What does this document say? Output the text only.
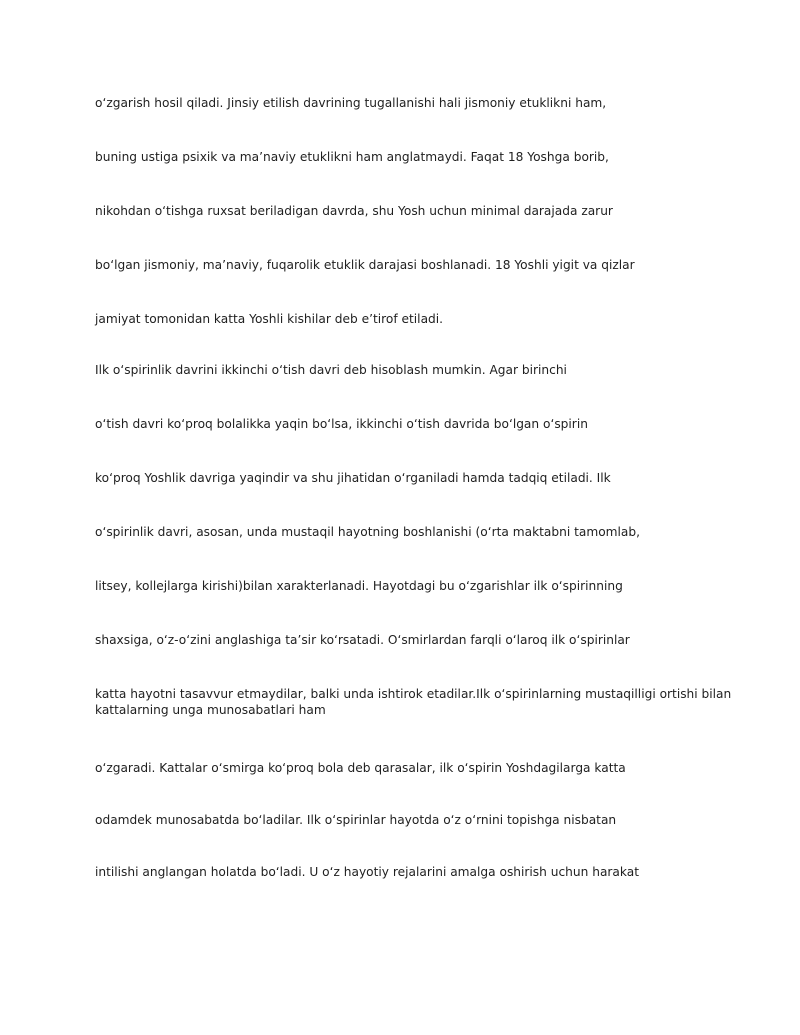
o‘zgarish hosil qiladi. Jinsiy etilish davrining tugallanishi hali jismoniy etuklikni ham,

buning ustiga psixik va ma’naviy etuklikni ham anglatmaydi. Faqat 18 Yoshga borib,

nikohdan o‘tishga ruxsat beriladigan davrda, shu Yosh uchun minimal darajada zarur

bo‘lgan jismoniy, ma’naviy, fuqarolik etuklik darajasi boshlanadi. 18 Yoshli yigit va qizlar

jamiyat tomonidan katta Yoshli kishilar deb e’tirof etiladi.

Ilk o‘spirinlik davrini ikkinchi o‘tish davri deb hisoblash mumkin. Agar birinchi

o‘tish davri ko‘proq bolalikka yaqin bo‘lsa, ikkinchi o‘tish davrida bo‘lgan o‘spirin

ko‘proq Yoshlik davriga yaqindir va shu jihatidan o‘rganiladi hamda tadqiq etiladi. Ilk

o‘spirinlik davri, asosan, unda mustaqil hayotning boshlanishi (o‘rta maktabni tamomlab,

litsey, kollejlarga kirishi)bilan xarakterlanadi. Hayotdagi bu o‘zgarishlar ilk o‘spirinning

shaxsiga, o‘z-o‘zini anglashiga ta’sir ko‘rsatadi. O‘smirlardan farqli o‘laroq ilk o‘spirinlar

katta hayotni tasavvur etmaydilar, balki unda ishtirok etadilar.Ilk o‘spirinlarning mustaqilligi ortishi bilan kattalarning unga munosabatlari ham

o‘zgaradi. Kattalar o‘smirga ko‘proq bola deb qarasalar, ilk o‘spirin Yoshdagilarga katta

odamdek munosabatda bo‘ladilar. Ilk o‘spirinlar hayotda o‘z o‘rnini topishga nisbatan

intilishi anglangan holatda bo‘ladi. U o‘z hayotiy rejalarini amalga oshirish uchun harakat
